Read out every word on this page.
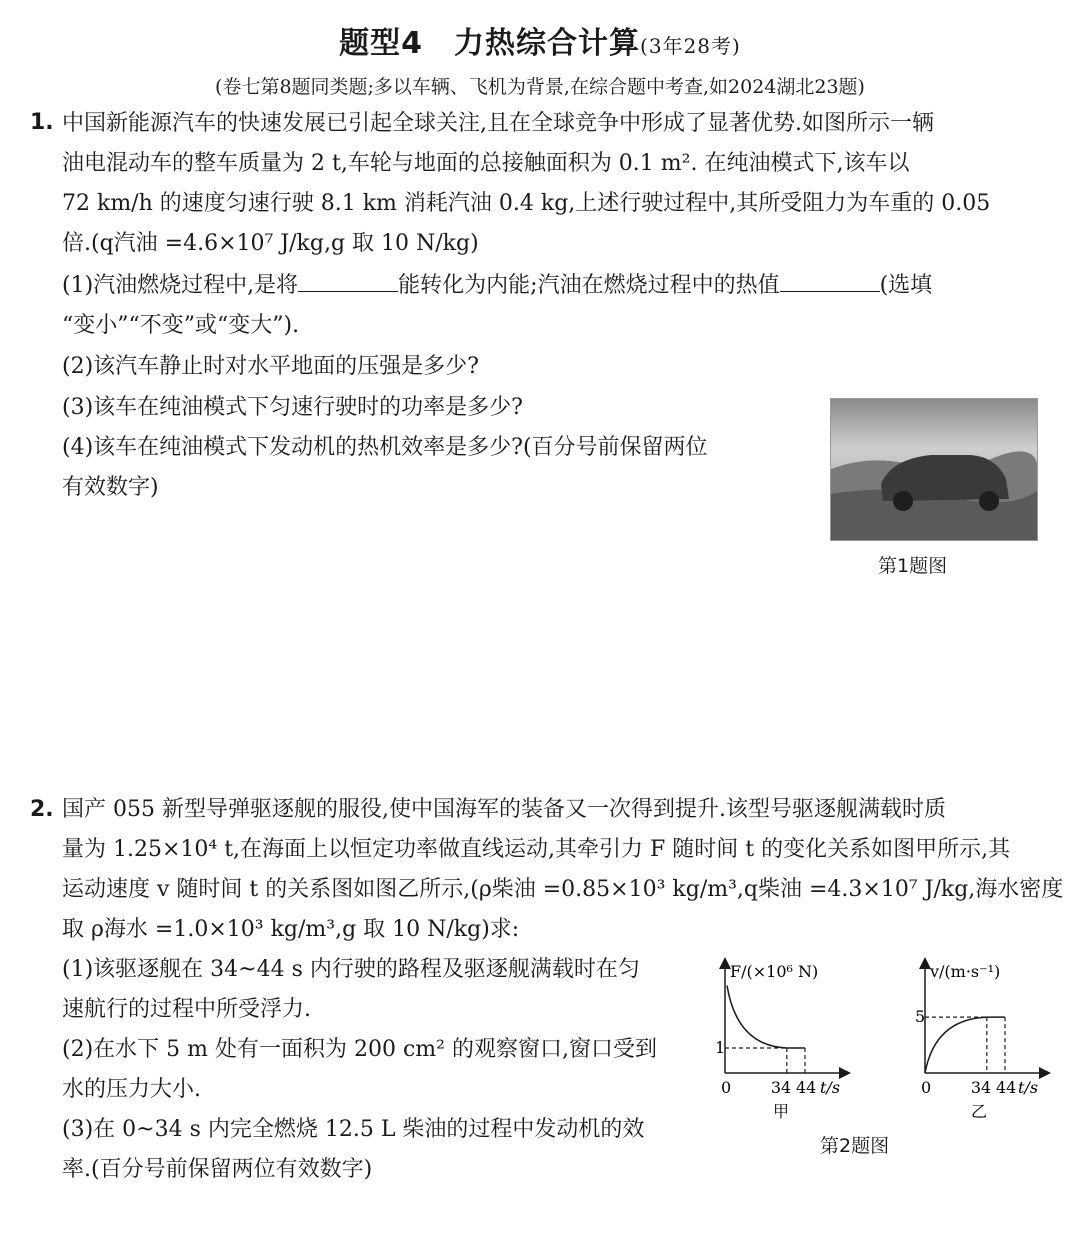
题型4　力热综合计算(3年28考)
(卷七第8题同类题;多以车辆、飞机为背景,在综合题中考查,如2024湖北23题)
1. 中国新能源汽车的快速发展已引起全球关注,且在全球竞争中形成了显著优势.如图所示一辆
油电混动车的整车质量为 2 t,车轮与地面的总接触面积为 0.1 m². 在纯油模式下,该车以
72 km/h 的速度匀速行驶 8.1 km 消耗汽油 0.4 kg,上述行驶过程中,其所受阻力为车重的 0.05
倍.(q汽油 =4.6×10⁷ J/kg,g 取 10 N/kg)
(1)汽油燃烧过程中,是将	能转化为内能;汽油在燃烧过程中的热值	(选填
“变小”“不变”或“变大”).
(2)该汽车静止时对水平地面的压强是多少?
(3)该车在纯油模式下匀速行驶时的功率是多少?
(4)该车在纯油模式下发动机的热机效率是多少?(百分号前保留两位
有效数字)
第1题图
2. 国产 055 新型导弹驱逐舰的服役,使中国海军的装备又一次得到提升.该型号驱逐舰满载时质
量为 1.25×10⁴ t,在海面上以恒定功率做直线运动,其牵引力 F 随时间 t 的变化关系如图甲所示,其
运动速度 v 随时间 t 的关系图如图乙所示,(ρ柴油 =0.85×10³ kg/m³,q柴油 =4.3×10⁷ J/kg,海水密度
取 ρ海水 =1.0×10³ kg/m³,g 取 10 N/kg)求:
(1)该驱逐舰在 34~44 s 内行驶的路程及驱逐舰满载时在匀
速航行的过程中所受浮力.
(2)在水下 5 m 处有一面积为 200 cm² 的观察窗口,窗口受到
水的压力大小.
(3)在 0~34 s 内完全燃烧 12.5 L 柴油的过程中发动机的效
率.(百分号前保留两位有效数字)
F/(×10⁶ N)
1
0 34 44 t/s
甲
v/(m·s⁻¹)
5
0 34 44 t/s
乙
第2题图
